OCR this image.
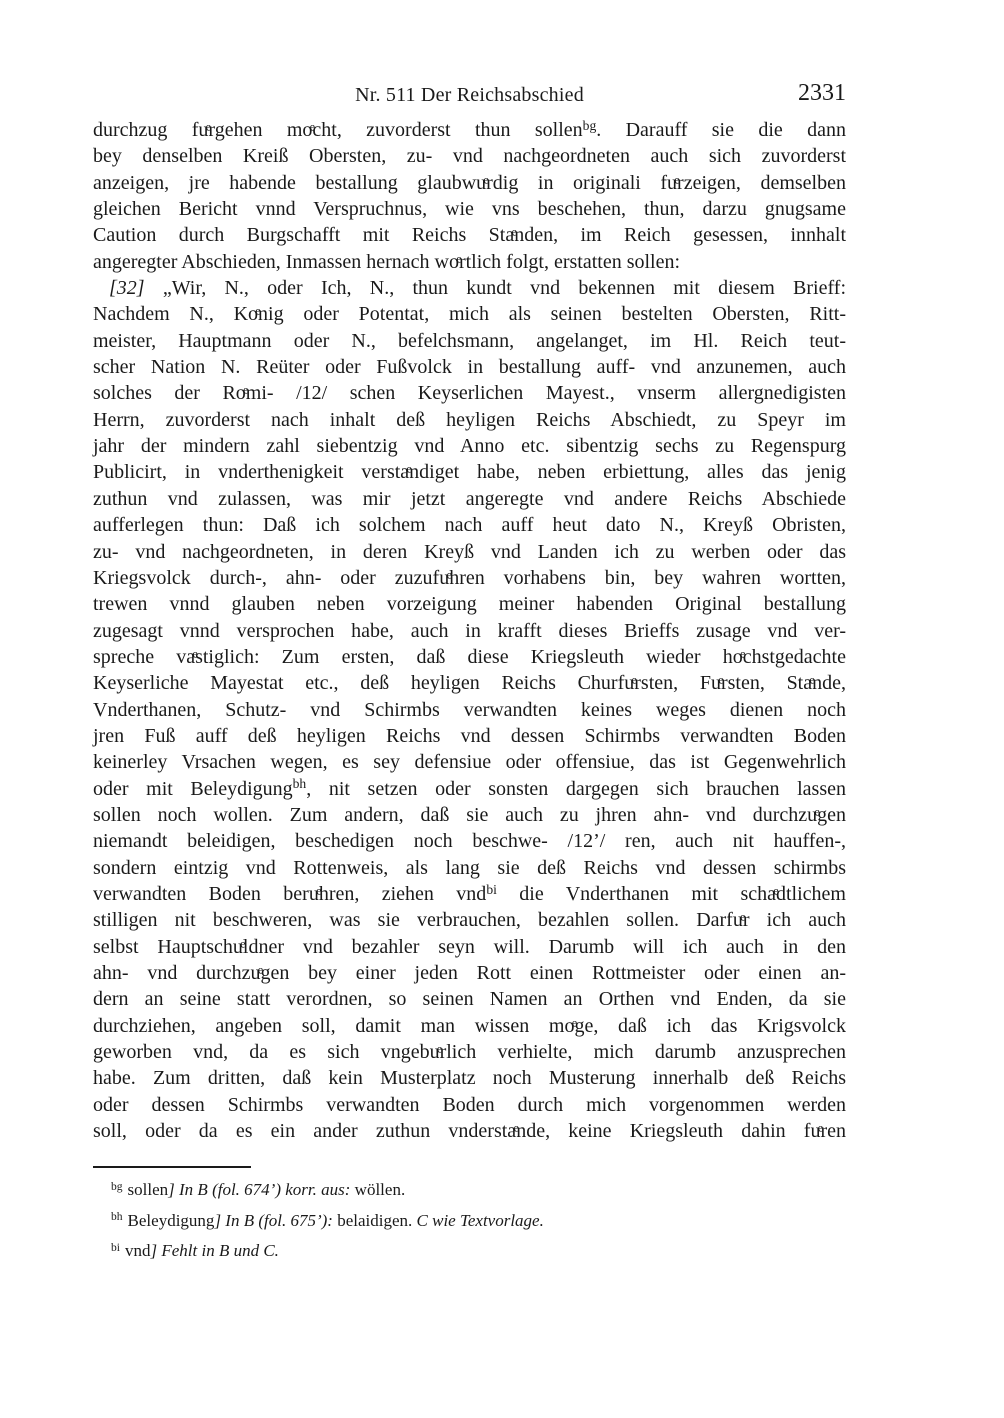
Nr. 511 Der Reichsabschied	2331
durchzug fuͤrgehen moͤcht, zuvorderst thun sollen$^{bg}$. Darauff sie die dann
bey denselben Kreiß Obersten, zu- vnd nachgeordneten auch sich zuvorderst
anzeigen, jre habende bestallung glaubwuͤrdig in originali fuͤrzeigen, demselben
gleichen Bericht vnnd Verspruchnus, wie vns beschehen, thun, darzu gnugsame
Caution durch Burgschafft mit Reichs Staͤnden, im Reich gesessen, innhalt
angeregter Abschieden, Inmassen hernach woͤrtlich folgt, erstatten sollen:
[32] „Wir, N., oder Ich, N., thun kundt vnd bekennen mit diesem Brieff:
Nachdem N., Koͤnig oder Potentat, mich als seinen bestelten Obersten, Ritt-
meister, Hauptmann oder N., befelchsmann, angelanget, im Hl. Reich teut-
scher Nation N. Reüter oder Fußvolck in bestallung auff- vnd anzunemen, auch
solches der Roͤmi- /12/ schen Keyserlichen Mayest., vnserm allergnedigisten
Herrn, zuvorderst nach inhalt deß heyligen Reichs Abschiedt, zu Speyr im
jahr der mindern zahl siebentzig vnd Anno etc. sibentzig sechs zu Regenspurg
Publicirt, in vnderthenigkeit verstaͤndiget habe, neben erbiettung, alles das jenig
zuthun vnd zulassen, was mir jetzt angeregte vnd andere Reichs Abschiede
aufferlegen thun: Daß ich solchem nach auff heut dato N., Kreyß Obristen,
zu- vnd nachgeordneten, in deren Kreyß vnd Landen ich zu werben oder das
Kriegsvolck durch-, ahn- oder zuzufuͤhren vorhabens bin, bey wahren wortten,
trewen vnnd glauben neben vorzeigung meiner habenden Original bestallung
zugesagt vnnd versprochen habe, auch in krafft dieses Brieffs zusage vnd ver-
spreche vaͤstiglich: Zum ersten, daß diese Kriegsleuth wieder hoͤchstgedachte
Keyserliche Mayestat etc., deß heyligen Reichs Churfuͤrsten, Fuͤrsten, Staͤnde,
Vnderthanen, Schutz- vnd Schirmbs verwandten keines weges dienen noch
jren Fuß auff deß heyligen Reichs vnd dessen Schirmbs verwandten Boden
keinerley Vrsachen wegen, es sey defensiue oder offensiue, das ist Gegenwehrlich
oder mit Beleydigung$^{bh}$, nit setzen oder sonsten dargegen sich brauchen lassen
sollen noch wollen. Zum andern, daß sie auch zu jhren ahn- vnd durchzuͤgen
niemandt beleidigen, beschedigen noch beschwe- /12’/ ren, auch nit hauffen-,
sondern eintzig vnd Rottenweis, als lang sie deß Reichs vnd dessen schirmbs
verwandten Boden beruͤhren, ziehen vnd$^{bi}$ die Vnderthanen mit schaͤdtlichem
stilligen nit beschweren, was sie verbrauchen, bezahlen sollen. Darfuͤr ich auch
selbst Hauptschuͤldner vnd bezahler seyn will. Darumb will ich auch in den
ahn- vnd durchzuͤgen bey einer jeden Rott einen Rottmeister oder einen an-
dern an seine statt verordnen, so seinen Namen an Orthen vnd Enden, da sie
durchziehen, angeben soll, damit man wissen moͤge, daß ich das Krigsvolck
geworben vnd, da es sich vngebuͤrlich verhielte, mich darumb anzusprechen
habe. Zum dritten, daß kein Musterplatz noch Musterung innerhalb deß Reichs
oder dessen Schirmbs verwandten Boden durch mich vorgenommen werden
soll, oder da es ein ander zuthun vnderstaͤnde, keine Kriegsleuth dahin fuͤren
$^{bg}$ sollen] In B (fol. 674’) korr. aus: wöllen.
$^{bh}$ Beleydigung] In B (fol. 675’): belaidigen. C wie Textvorlage.
$^{bi}$ vnd] Fehlt in B und C.
